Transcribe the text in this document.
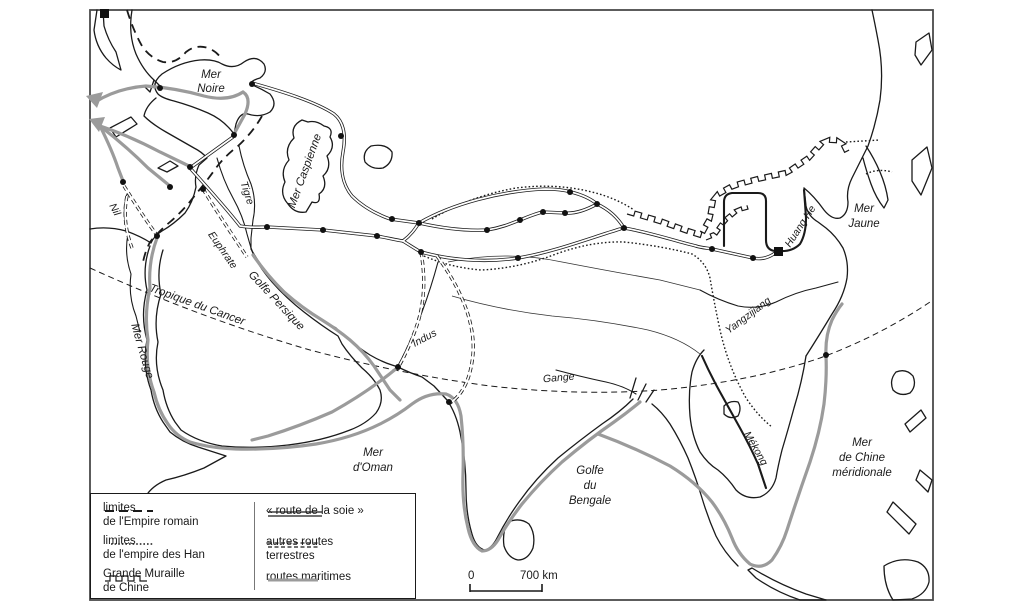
Mer
Noire
Mer Caspienne
Tigre
Euphrate
Golfe Persique
Nil
Mer Rouge
Tropique du Cancer
Indus
Gange
Mer
d'Oman	Golfe
du
Bengale
Mékong	Mer
de Chine
méridionale
Mer
Jaune
Huang He
Yangzijiang
limites
de l'Empire romain
limites
de l'empire des Han
Grande Muraille
de Chine
« route de la soie »
autres routes
terrestres
routes maritimes	0	700 km
